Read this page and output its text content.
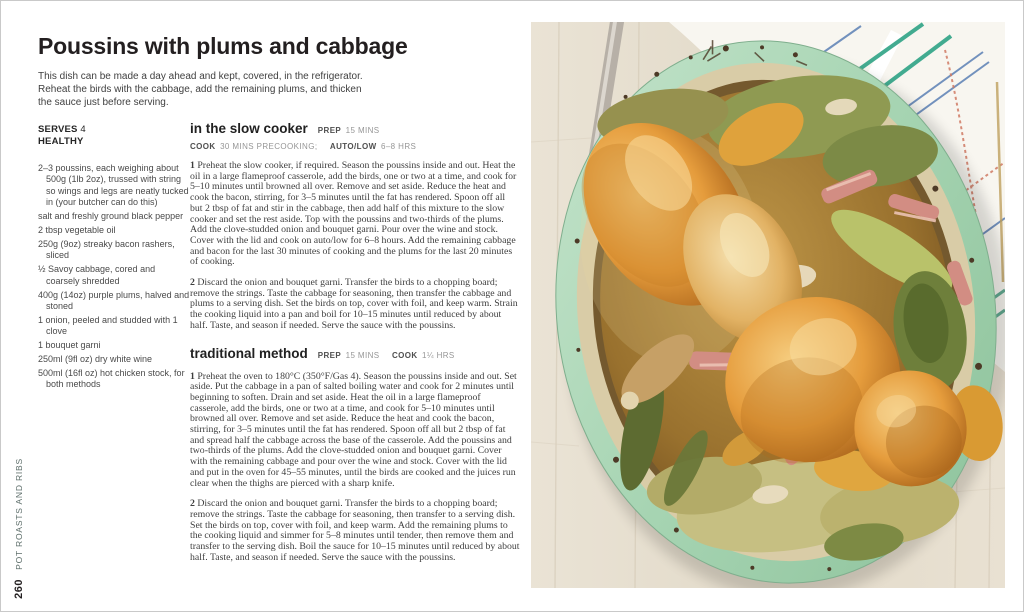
POT ROASTS AND RIBS
260
Poussins with plums and cabbage

This dish can be made a day ahead and kept, covered, in the refrigerator. Reheat the birds with the cabbage, add the remaining plums, and thicken the sauce just before serving.

SERVES 4

HEALTHY

2–3 poussins, each weighing about 500g (1lb 2oz), trussed with string so wings and legs are neatly tucked in (your butcher can do this)

salt and freshly ground black pepper

2 tbsp vegetable oil

250g (9oz) streaky bacon rashers, sliced

½ Savoy cabbage, cored and coarsely shredded

400g (14oz) purple plums, halved and stoned

1 onion, peeled and studded with 1 clove

1 bouquet garni

250ml (9fl oz) dry white wine

500ml (16fl oz) hot chicken stock, for both methods

in the slow cooker PREP 15 MINS

COOK 30 MINS PRECOOKING; AUTO/LOW 6–8 HRS

1 Preheat the slow cooker, if required. Season the poussins inside and out. Heat the oil in a large flameproof casserole, add the birds, one or two at a time, and cook for 5–10 minutes until browned all over. Remove and set aside. Reduce the heat and cook the bacon, stirring, for 3–5 minutes until the fat has rendered. Spoon off all but 2 tbsp of fat and stir in the cabbage, then add half of this mixture to the slow cooker and set the rest aside. Top with the poussins and two-thirds of the plums. Add the clove-studded onion and bouquet garni. Pour over the wine and stock. Cover with the lid and cook on auto/low for 6–8 hours. Add the remaining cabbage and bacon for the last 30 minutes of cooking and the plums for the last 20 minutes of cooking.

2 Discard the onion and bouquet garni. Transfer the birds to a chopping board; remove the strings. Taste the cabbage for seasoning, then transfer the cabbage and plums to a serving dish. Set the birds on top, cover with foil, and keep warm. Strain the cooking liquid into a pan and boil for 10–15 minutes until reduced by about half. Taste, and season if needed. Serve the sauce with the poussins.

traditional method PREP 15 MINS COOK 1¼ HRS

1 Preheat the oven to 180°C (350°F/Gas 4). Season the poussins inside and out. Set aside. Put the cabbage in a pan of salted boiling water and cook for 2 minutes until beginning to soften. Drain and set aside. Heat the oil in a large flameproof casserole, add the birds, one or two at a time, and cook for 5–10 minutes until browned all over. Remove and set aside. Reduce the heat and cook the bacon, stirring, for 3–5 minutes until the fat has rendered. Spoon off all but 2 tbsp of fat and spread half the cabbage across the base of the casserole. Add the poussins and two-thirds of the plums. Add the clove-studded onion and bouquet garni. Cover with the remaining cabbage and pour over the wine and stock. Cover with the lid and put in the oven for 45–55 minutes, until the birds are cooked and the juices run clear when the thighs are pierced with a sharp knife.

2 Discard the onion and bouquet garni. Transfer the birds to a chopping board; remove the strings. Taste the cabbage for seasoning, then transfer to a serving dish. Set the birds on top, cover with foil, and keep warm. Add the remaining plums to the cooking liquid and simmer for 5–8 minutes until tender, then remove them and transfer to the serving dish. Boil the sauce for 10–15 minutes until reduced by about half. Taste, and season if needed. Serve the sauce with the poussins.
